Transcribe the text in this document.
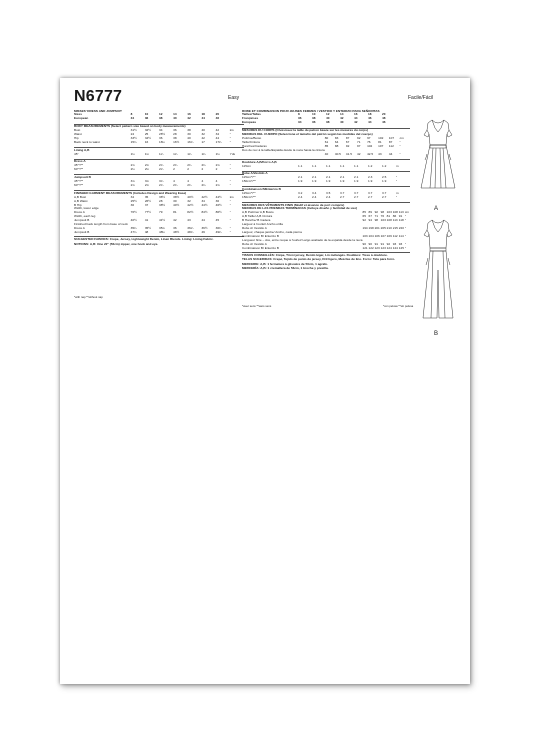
N6777	Easy	Facile/Fácil
MISSES' DRESS AND JUMPSUIT
Sizes	8	10	12	14	16	18	20	
European	34	36	38	40	42	44	46	
BODY MEASUREMENTS (Select pattern size based on body measurements)
Bust	31½	32½	34	36	38	40	42	ins
Waist	24	25	26½	28	30	32	34	"
Hip	33½	34½	36	38	40	42	44	"
Back neck to waist	15¾	16	16¼	16½	16¾	17	17¼	"
Lining A,B
45"	1¼	1¼	1¼	1¼	1¼	1¼	1¼	Yds
Dress A
45"*/**	2¾	2¾	2¾	2¾	2¾	2¾	2¾	"
60"*/**	2¼	2¼	2¼	2	2	2	2	"
Jumpsuit B
45"*/**	3¾	3¾	3¾	4	4	4	4	"
60"*/**	2¾	2¾	2¾	2¾	2¾	2¾	2¾	"
FINISHED GARMENT MEASUREMENTS (Includes Design and Wearing Ease)
A,B Bust	34	35	36½	38½	40½	42½	44½	ins
A,B Waist	25½	26½	28	30	32	34	36	"
B Hip	36	37	38½	40½	42½	44½	46½	"
Width, lower edge								
Dress A	76½	77½	79	81	82½	84½	86½	"
Width, each leg								
Jumpsuit B	40½	41	41½	42	43	44	45	"
Finished back length from base of neck								
Dress A	35¼	35½	35¾	36	36¼	36½	36¾	"
Jumpsuit B	47¾	48	48¼	48½	48¾	49	49¼	"
SUGGESTED FABRICS: Crepe, Jersey, Lightweight Denim, Linen Blends. Lining: Lining Fabric.
NOTIONS: A,B: One 22" (56cm) zipper, one hook and eye.
*with nap **without nap
ROBE ET COMBINAISON POUR JEUNES FEMMES / VESTIDO Y ENTERIZO PARA SEÑORITAS
Tailles/Tallas	8	10	12	14	16	18	20	
Françaises	36	38	40	42	44	46	48	
Europeas	34	36	38	40	42	44	46	
MESURES DU CORPS (Choisissez la taille du patron basée sur les mesures du corps)
MEDIDAS DEL CUERPO (Seleccione el tamaño del patrón según las medidas del cuerpo)
Poitrine/Busto	80	83	87	92	97	102	107	cm
Taille/Cintura	61	64	67	71	76	81	87	"
Hanches/Caderas	85	88	92	97	102	107	112	"
Dos de nuc à la taille/Espalda desde la nuca hasta la cintura								
	40	40.5	41.5	42	42.5	43	44	"
Doublure A,B/Forro A,B
115cm	1.1	1.1	1.1	1.1	1.1	1.2	1.2	m
Robe A/Vestido A
115cm*/**	2.1	2.1	2.1	2.1	2.1	2.3	2.5	"
150cm*/**	1.9	1.9	1.9	1.9	1.9	1.9	1.9	"
Combinaison B/Enterizo B
115cm*/**	3.2	3.4	3.5	3.7	3.7	3.7	3.7	m
150cm*/**	2.4	2.4	2.4	2.7	2.7	2.7	2.7	"
MESURES DES VÊTEMENTS FINIS (Modif et aisance de port compris)
MEDIDAS DE LAS PRENDAS TERMINADAS (Incluye diseño y facilidad de uso)
A,B Poitrine/ A,B Busto	85	89	92	98	103	108	113	cm
A,B Taille/ A,B Cintura	65	67	71	76	81	86	91	"
B Hanche/ B Cadera	92	94	98	103	108	113	118	"
Largeur à l'ourlet/ Ancho orilla								
Robe A/ Vestido A	194	198	201	205	210	215	220	"
Largeur, chaque jambe/ Ancho, cada pierna								
Combinaison B/ Enterizo B	103	104	106	107	109	112	114	"
Longueur finie – dos, entre nuque à l'ourlet/ Largo acabado de la espalda desde la nuca								
Robe A/ Vestido A	90	90	91	91	92	93	93	"
Combinaison B/ Enterizo B	121	122	123	123	124	124	125	"
TISSUS CONSEILLÉS: Crêpe, Tricot jersey, Denim léger, Lin mélangés. Doublure: Tissu à doublure.
TELAS SUGERIDAS: Crepé, Tejido de punto de jersey, Dril ligero, Mezclas de lino. Forro: Tela para forro.
MERCERIE: A,B: 1 fermeture à glissière de 56cm, 1 agrafe.
MERCERÍA: A,B: 1 cremallera de 56cm, 1 broche y presilla.
*avec sens **sans sens	*con pelusa **sin pelusa
A
B
